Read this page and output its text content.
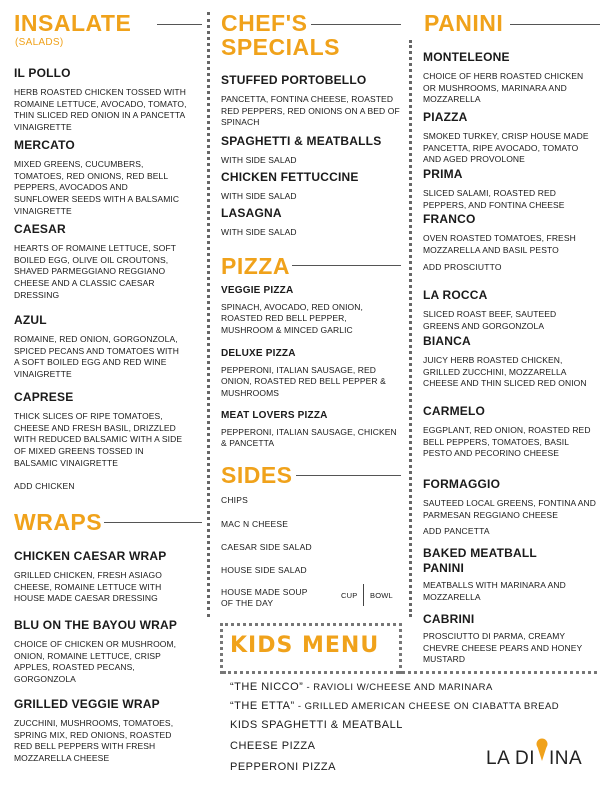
INSALATE
(SALADS)
IL POLLO
HERB ROASTED CHICKEN TOSSED WITH ROMAINE LETTUCE, AVOCADO, TOMATO, THIN SLICED RED ONION IN A PANCETTA VINAIGRETTE
MERCATO
MIXED GREENS, CUCUMBERS, TOMATOES, RED ONIONS, RED BELL PEPPERS, AVOCADOS AND SUNFLOWER SEEDS WITH A BALSAMIC VINAIGRETTE
CAESAR
HEARTS OF ROMAINE LETTUCE, SOFT BOILED EGG, OLIVE OIL CROUTONS, SHAVED PARMEGGIANO REGGIANO CHEESE AND A CLASSIC CAESAR DRESSING
AZUL
ROMAINE, RED ONION, GORGONZOLA, SPICED PECANS AND TOMATOES WITH A SOFT BOILED EGG AND RED WINE VINAIGRETTE
CAPRESE
THICK SLICES OF RIPE TOMATOES, CHEESE AND FRESH BASIL, DRIZZLED WITH REDUCED BALSAMIC WITH A SIDE OF MIXED GREENS TOSSED IN BALSAMIC VINAIGRETTE
ADD CHICKEN
WRAPS
CHICKEN CAESAR WRAP
GRILLED CHICKEN, FRESH ASIAGO CHEESE, ROMAINE LETTUCE WITH HOUSE MADE CAESAR DRESSING
BLU ON THE BAYOU WRAP
CHOICE OF CHICKEN OR MUSHROOM, ONION, ROMAINE LETTUCE, CRISP APPLES, ROASTED PECANS, GORGONZOLA
GRILLED VEGGIE WRAP
ZUCCHINI, MUSHROOMS, TOMATOES, SPRING MIX, RED ONIONS, ROASTED RED BELL PEPPERS WITH FRESH MOZZARELLA CHEESE
CHEF'S
SPECIALS
STUFFED PORTOBELLO
PANCETTA, FONTINA CHEESE, ROASTED RED PEPPERS, RED ONIONS ON A BED OF SPINACH
SPAGHETTI & MEATBALLS
WITH SIDE SALAD
CHICKEN FETTUCCINE
WITH SIDE SALAD
LASAGNA
WITH SIDE SALAD
PIZZA
VEGGIE PIZZA
SPINACH, AVOCADO, RED ONION, ROASTED RED BELL PEPPER, MUSHROOM & MINCED GARLIC
DELUXE PIZZA
PEPPERONI, ITALIAN SAUSAGE, RED ONION, ROASTED RED BELL PEPPER & MUSHROOMS
MEAT LOVERS PIZZA
PEPPERONI, ITALIAN SAUSAGE, CHICKEN & PANCETTA
SIDES
CHIPS
MAC N CHEESE
CAESAR SIDE SALAD
HOUSE SIDE SALAD
HOUSE MADE SOUP
OF THE DAY
CUP BOWL
PANINI
MONTELEONE
CHOICE OF HERB ROASTED CHICKEN OR MUSHROOMS, MARINARA AND MOZZARELLA
PIAZZA
SMOKED TURKEY, CRISP HOUSE MADE PANCETTA, RIPE AVOCADO, TOMATO AND AGED PROVOLONE
PRIMA
SLICED SALAMI, ROASTED RED PEPPERS, AND FONTINA CHEESE
FRANCO
OVEN ROASTED TOMATOES, FRESH MOZZARELLA AND BASIL PESTO
ADD PROSCIUTTO
LA ROCCA
SLICED ROAST BEEF, SAUTEED GREENS AND GORGONZOLA
BIANCA
JUICY HERB ROASTED CHICKEN, GRILLED ZUCCHINI, MOZZARELLA CHEESE AND THIN SLICED RED ONION
CARMELO
EGGPLANT, RED ONION, ROASTED RED BELL PEPPERS, TOMATOES, BASIL PESTO AND PECORINO CHEESE
FORMAGGIO
SAUTEED LOCAL GREENS, FONTINA AND PARMESAN REGGIANO CHEESE
ADD PANCETTA
BAKED MEATBALL
PANINI
MEATBALLS WITH MARINARA AND MOZZARELLA
CABRINI
PROSCIUTTO DI PARMA, CREAMY CHEVRE CHEESE PEARS AND HONEY MUSTARD
KIDS MENU
“THE NICCO” - RAVIOLI W/CHEESE AND MARINARA
“THE ETTA” - GRILLED AMERICAN CHEESE ON CIABATTA BREAD
KIDS SPAGHETTI & MEATBALL
CHEESE PIZZA
PEPPERONI PIZZA	LA DI INA
